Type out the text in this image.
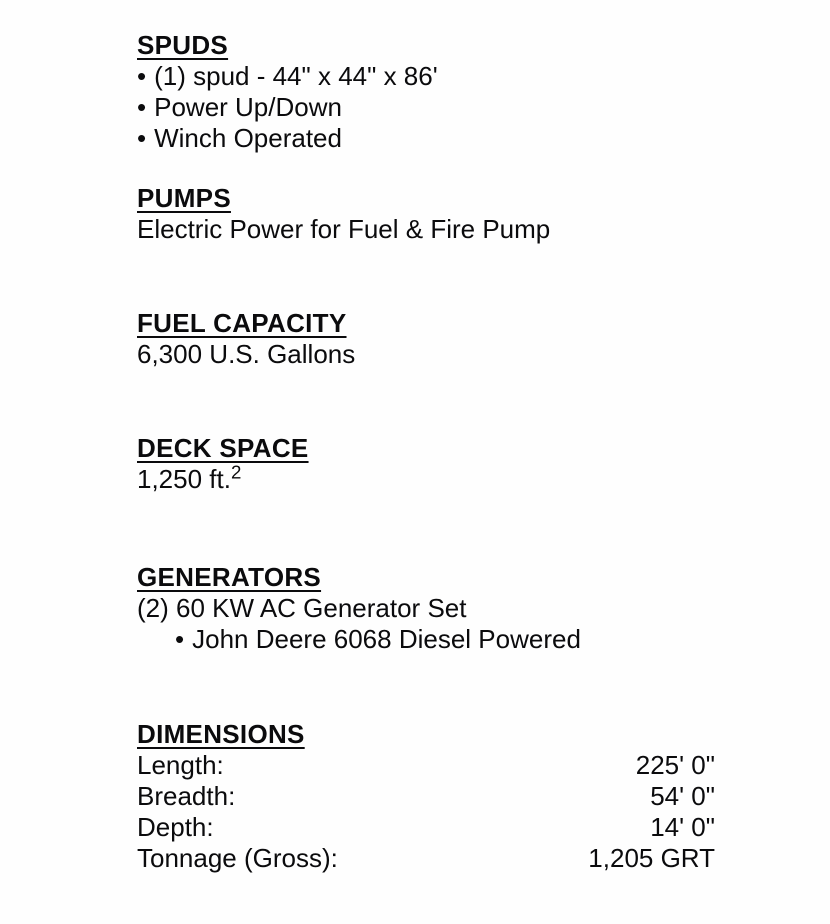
SPUDS
• (1) spud - 44" x 44" x 86'
• Power Up/Down
• Winch Operated
PUMPS
Electric Power for Fuel & Fire Pump
FUEL CAPACITY
6,300 U.S. Gallons
DECK SPACE
1,250 ft.$^2$
GENERATORS
(2) 60 KW AC Generator Set
• John Deere 6068 Diesel Powered
DIMENSIONS
Length:	225' 0"
Breadth:	54' 0"
Depth:	14' 0"
Tonnage (Gross):	1,205 GRT
